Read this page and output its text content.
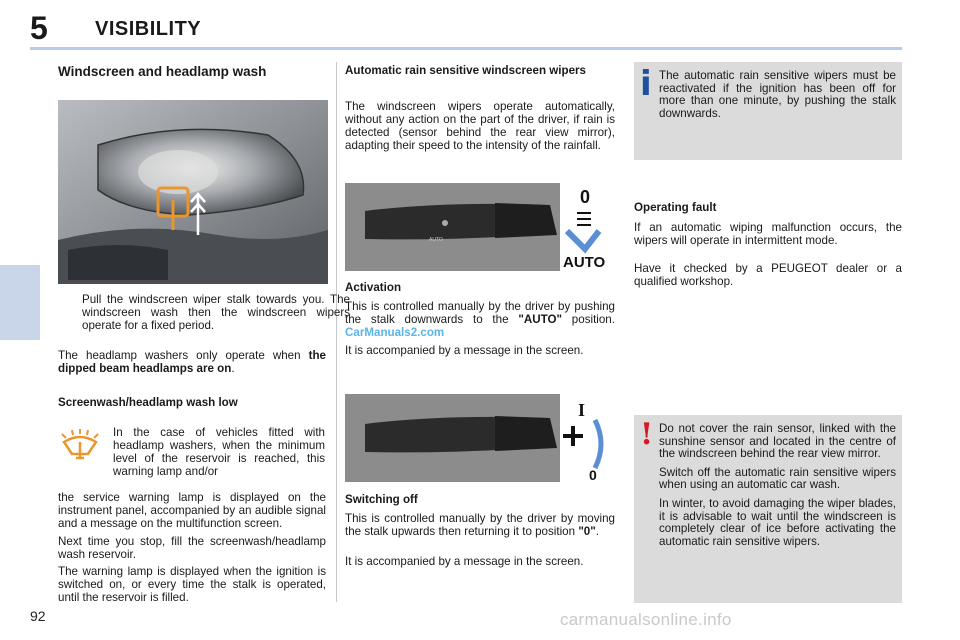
5 VISIBILITY
Windscreen and headlamp wash
Pull the windscreen wiper stalk towards you. The windscreen wash then the windscreen wipers operate for a fixed period.
The headlamp washers only operate when the dipped beam headlamps are on.
Screenwash/headlamp wash low
In the case of vehicles fitted with headlamp washers, when the minimum level of the reservoir is reached, this warning lamp and/or
the service warning lamp is displayed on the instrument panel, accompanied by an audible signal and a message on the multifunction screen.
Next time you stop, fill the screenwash/headlamp wash reservoir.
The warning lamp is displayed when the ignition is switched on, or every time the stalk is operated, until the reservoir is filled.
Automatic rain sensitive windscreen wipers
The windscreen wipers operate automatically, without any action on the part of the driver, if rain is detected (sensor behind the rear view mirror), adapting their speed to the intensity of the rainfall.
AUTO
0
AUTO
Activation
This is controlled manually by the driver by pushing the stalk downwards to the "AUTO" position. CarManuals2.com
It is accompanied by a message in the screen.
I
0
Switching off
This is controlled manually by the driver by moving the stalk upwards then returning it to position "0".
It is accompanied by a message in the screen.
i The automatic rain sensitive wipers must be reactivated if the ignition has been off for more than one minute, by pushing the stalk downwards.
Operating fault
If an automatic wiping malfunction occurs, the wipers will operate in intermittent mode.
Have it checked by a PEUGEOT dealer or a qualified workshop.
! Do not cover the rain sensor, linked with the sunshine sensor and located in the centre of the windscreen behind the rear view mirror.

Switch off the automatic rain sensitive wipers when using an automatic car wash.

In winter, to avoid damaging the wiper blades, it is advisable to wait until the windscreen is completely clear of ice before activating the automatic rain sensitive wipers.

92	carmanualsonline.info
